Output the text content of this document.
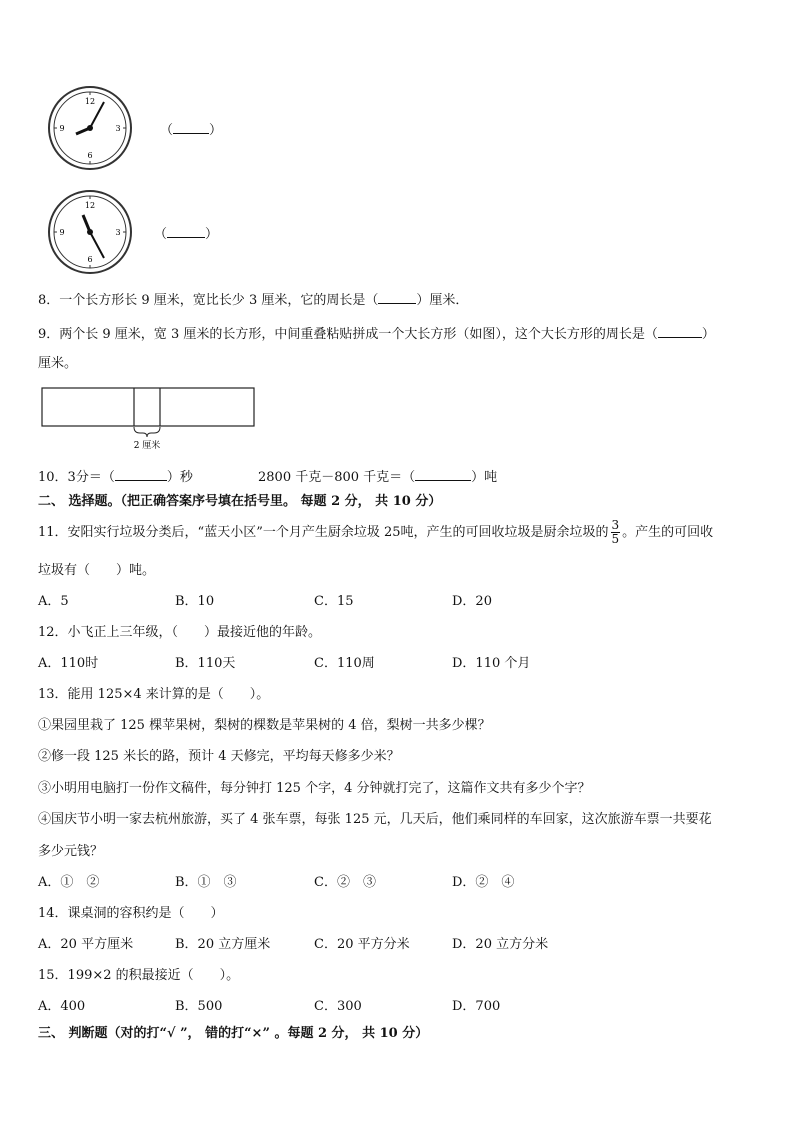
12
3
6
9	（	）
12
3
6
9	（	）
8．一个长方形长 9 厘米，宽比长少 3 厘米，它的周长是（	）厘米．
9．两个长 9 厘米，宽 3 厘米的长方形，中间重叠粘贴拼成一个大长方形（如图），这个大长方形的周长是（	）
厘米。
2 厘米
10．3分＝（	）秒	2800 千克－800 千克＝（	）吨
二、 选择题。（把正确答案序号填在括号里。 每题 2 分， 共 10 分）
11．安阳实行垃圾分类后，“蓝天小区”一个月产生厨余垃圾 25吨，产生的可回收垃圾是厨余垃圾的 $\frac{3}{5}$ 。产生的可回收
垃圾有（　　）吨。
A．5	B．10	C．15	D．20
12．小飞正上三年级，（　　）最接近他的年龄。
A．110时	B．110天	C．110周	D．110 个月
13．能用 125×4 来计算的是（　　）。
①果园里栽了 125 棵苹果树，梨树的棵数是苹果树的 4 倍，梨树一共多少棵？
②修一段 125 米长的路，预计 4 天修完，平均每天修多少米？
③小明用电脑打一份作文稿件，每分钟打 125 个字，4 分钟就打完了，这篇作文共有多少个字？
④国庆节小明一家去杭州旅游，买了 4 张车票，每张 125 元，几天后，他们乘同样的车回家，这次旅游车票一共要花
多少元钱？
A．①　②	B．①　③	C．②　③	D．②　④
14．课桌洞的容积约是（　　）
A．20 平方厘米	B．20 立方厘米	C．20 平方分米	D．20 立方分米
15．199×2 的积最接近（　　）。
A．400	B．500	C．300	D．700
三、 判断题（对的打“√ ”， 错的打“×” 。每题 2 分， 共 10 分）
